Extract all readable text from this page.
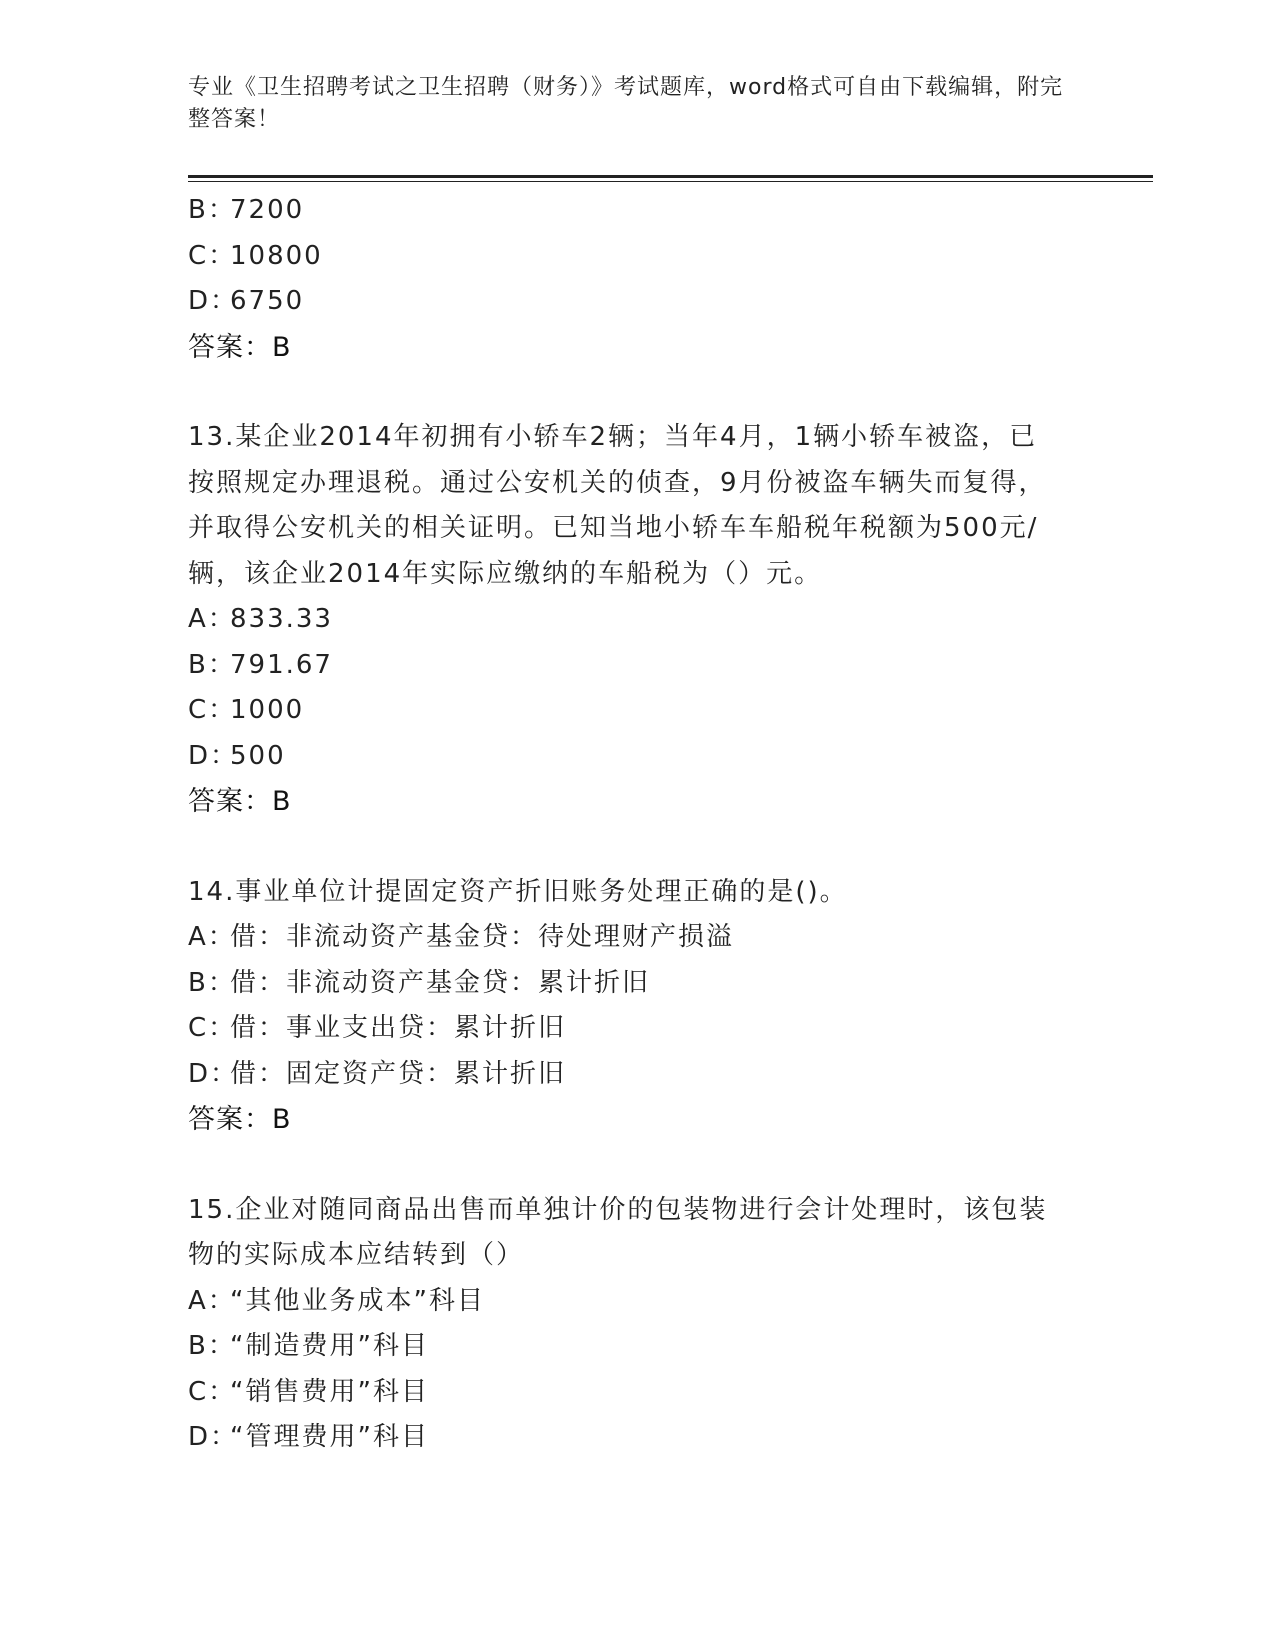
专业《卫生招聘考试之卫生招聘（财务）》考试题库，word格式可自由下载编辑，附完整答案！
B：7200
C：10800
D：6750
答案：B
13.某企业2014年初拥有小轿车2辆；当年4月，1辆小轿车被盗，已
按照规定办理退税。通过公安机关的侦查，9月份被盗车辆失而复得，
并取得公安机关的相关证明。已知当地小轿车车船税年税额为500元/
辆，该企业2014年实际应缴纳的车船税为（）元。
A：833.33
B：791.67
C：1000
D：500
答案：B
14.事业单位计提固定资产折旧账务处理正确的是()。
A：借：非流动资产基金贷：待处理财产损溢
B：借：非流动资产基金贷：累计折旧
C：借：事业支出贷：累计折旧
D：借：固定资产贷：累计折旧
答案：B
15.企业对随同商品出售而单独计价的包装物进行会计处理时，该包装
物的实际成本应结转到（）
A：“其他业务成本”科目
B：“制造费用”科目
C：“销售费用”科目
D：“管理费用”科目
